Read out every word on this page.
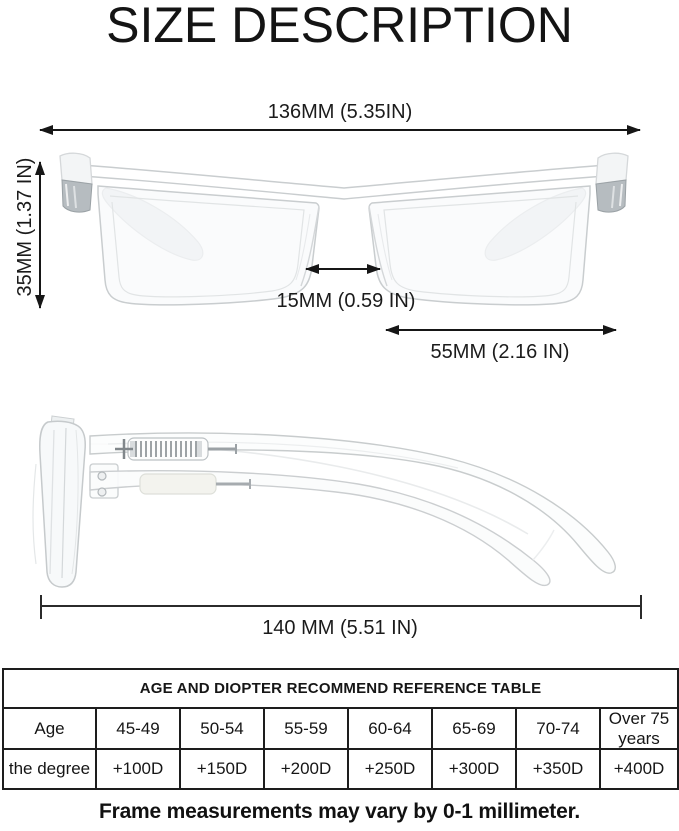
SIZE DESCRIPTION
136MM (5.35IN)
35MM (1.37 IN)
15MM (0.59 IN)
55MM (2.16 IN)
140 MM (5.51 IN)
AGE AND DIOPTER RECOMMEND REFERENCE TABLE							
Age	45-49	50-54	55-59	60-64	65-69	70-74	Over 75 years
the degree	+100D	+150D	+200D	+250D	+300D	+350D	+400D
Frame measurements may vary by 0-1 millimeter.
